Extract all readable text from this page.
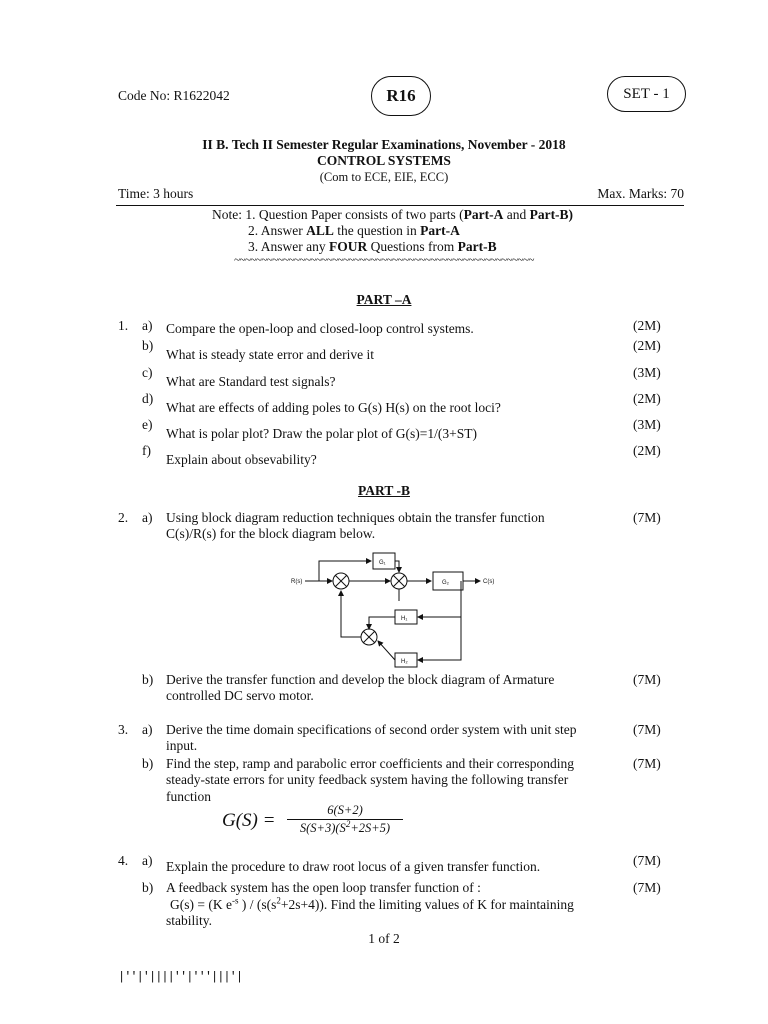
Code No: R1622042	R16	SET - 1
II B. Tech II Semester Regular Examinations, November - 2018
CONTROL SYSTEMS
(Com to ECE, EIE, ECC)
Time: 3 hours	Max. Marks: 70
Note: 1. Question Paper consists of two parts (Part-A and Part-B)
2. Answer ALL the question in Part-A
3. Answer any FOUR Questions from Part-B
~~~~~~~~~~~~~~~~~~~~~~~~~~~~~~~~~~~~~~~~~~~~~~~~~~~~~~~
PART –A
1. a) Compare the open-loop and closed-loop control systems.	(2M)
b)
What is steady state error and derive it
(2M)
c)
What are Standard test signals?
(3M)
d)
What are effects of adding poles to G(s) H(s) on the root loci?
(2M)
e)
What is polar plot? Draw the polar plot of G(s)=1/(3+ST)
(3M)
f)
Explain about obsevability?
(2M)
PART -B
2. a) Using block diagram reduction techniques obtain the transfer function
C(s)/R(s) for the block diagram below.
(7M)
R(s)	C(s)
G₁
G₂
H₁
H₂
b) Derive the transfer function and develop the block diagram of Armature
controlled DC servo motor.
(7M)
3. a) Derive the time domain specifications of second order system with unit step
input.
(7M)
b) Find the step, ramp and parabolic error coefficients and their corresponding
steady-state errors for unity feedback system having the following transfer
function
(7M)
G(S) =	6(S+2)
$S(S+3)(S^2+2S+5)$
4. a) Explain the procedure to draw root locus of a given transfer function.	(7M)
b) A feedback system has the open loop transfer function of :
G(s) = (K $e^{-s}$ ) / $(s(s^2+2s+4))$. Find the limiting values of K for maintaining
stability.
(7M)
1 of 2
|''|'||||''|'''|||'|
